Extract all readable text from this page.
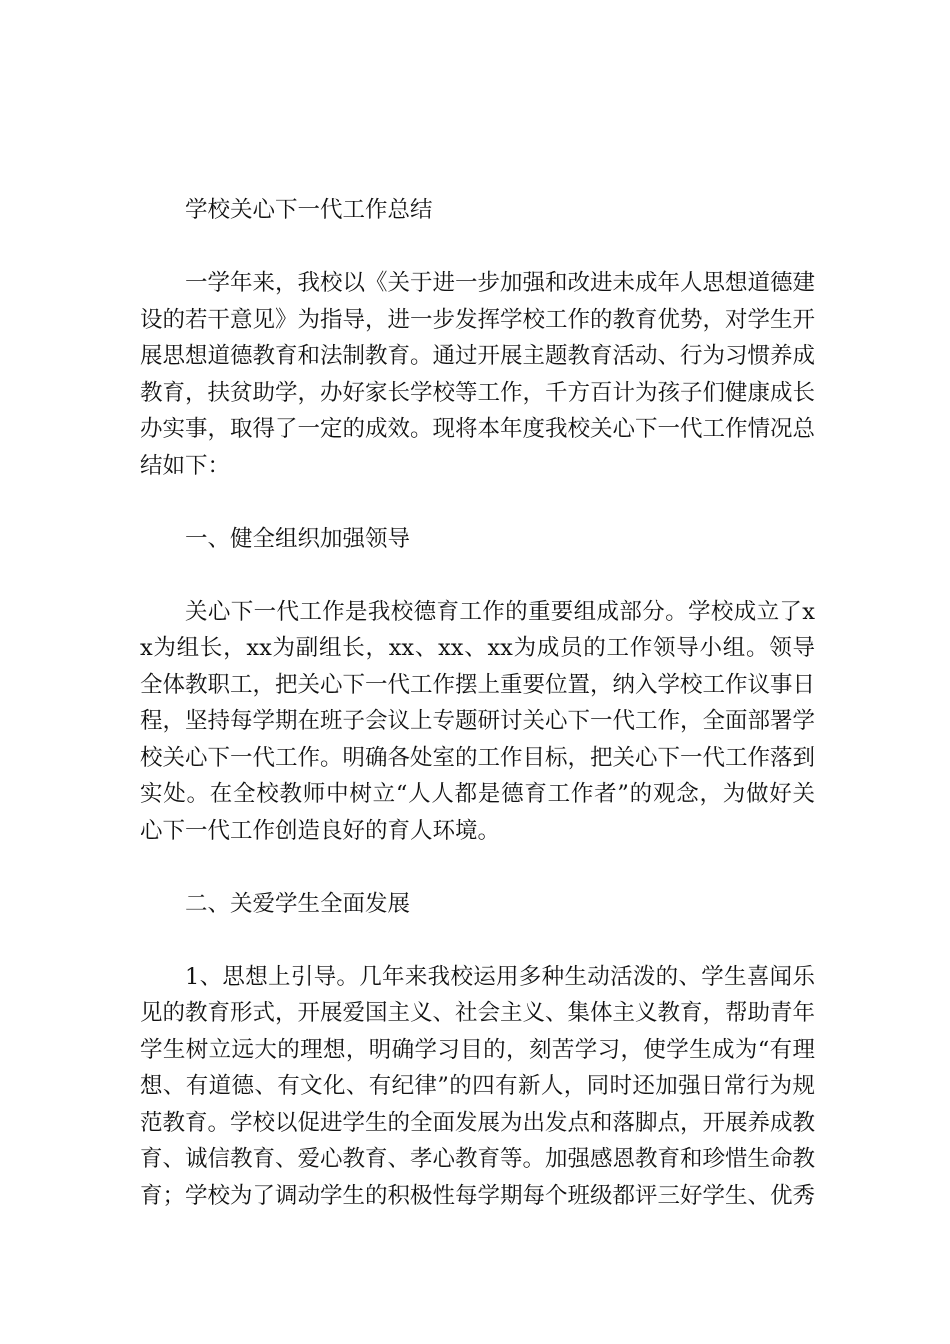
学校关心下一代工作总结

一学年来，我校以《关于进一步加强和改进未成年人思想道德建设的若干意见》为指导，进一步发挥学校工作的教育优势，对学生开展思想道德教育和法制教育。通过开展主题教育活动、行为习惯养成教育，扶贫助学，办好家长学校等工作，千方百计为孩子们健康成长办实事，取得了一定的成效。现将本年度我校关心下一代工作情况总结如下：

一、健全组织加强领导

关心下一代工作是我校德育工作的重要组成部分。学校成立了xx为组长，xx为副组长，xx、xx、xx为成员的工作领导小组。领导全体教职工，把关心下一代工作摆上重要位置，纳入学校工作议事日程，坚持每学期在班子会议上专题研讨关心下一代工作，全面部署学校关心下一代工作。明确各处室的工作目标，把关心下一代工作落到实处。在全校教师中树立“人人都是德育工作者”的观念，为做好关心下一代工作创造良好的育人环境。

二、关爱学生全面发展

1、思想上引导。几年来我校运用多种生动活泼的、学生喜闻乐见的教育形式，开展爱国主义、社会主义、集体主义教育，帮助青年学生树立远大的理想，明确学习目的，刻苦学习，使学生成为“有理想、有道德、有文化、有纪律”的四有新人，同时还加强日常行为规范教育。学校以促进学生的全面发展为出发点和落脚点，开展养成教育、诚信教育、爱心教育、孝心教育等。加强感恩教育和珍惜生命教育；学校为了调动学生的积极性每学期每个班级都评三好学生、优秀
